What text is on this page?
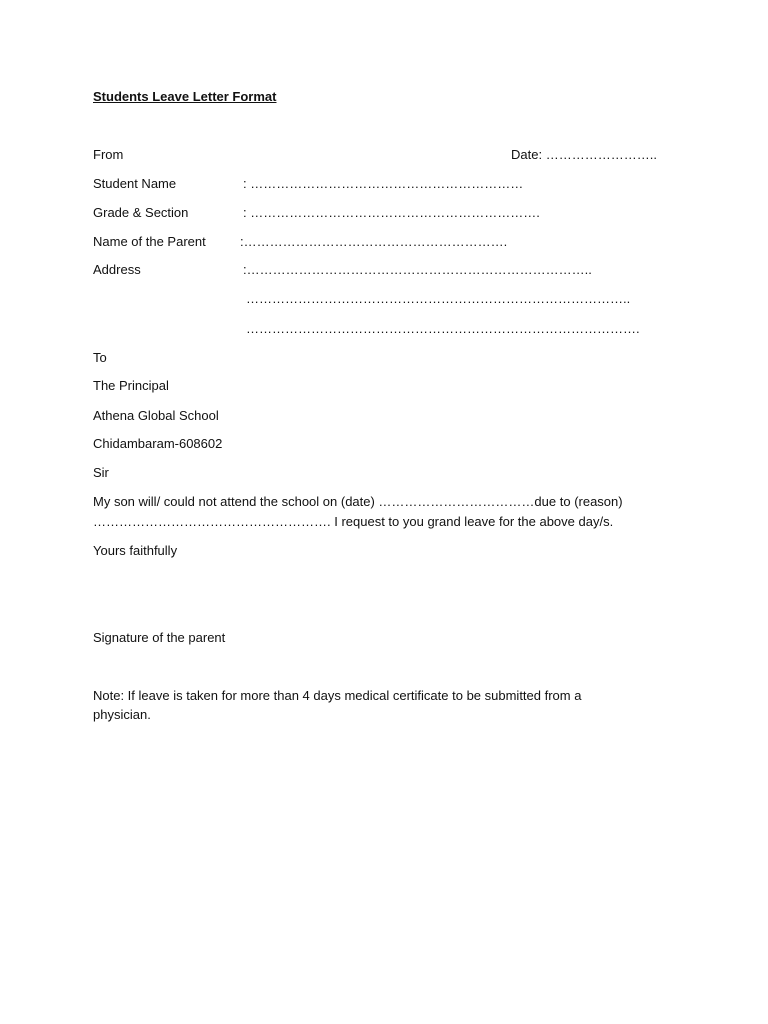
Students Leave Letter Format
From	Date: ……………………..
Student Name	: ………………………………………………………
Grade & Section	: ………………………………………………………….
Name of the Parent	:…………………………………………………….
Address	:……………………………………………………………………..
……………………………………………………………………………..
……………………………………………………………………………….
To
The Principal
Athena Global School
Chidambaram-608602
Sir
My son will/ could not attend the school on (date) ………………………………due to (reason)
………………………………………………. I request to you grand leave for the above day/s.
Yours faithfully
Signature of the parent
Note: If leave is taken for more than 4 days medical certificate to be submitted from a
physician.
